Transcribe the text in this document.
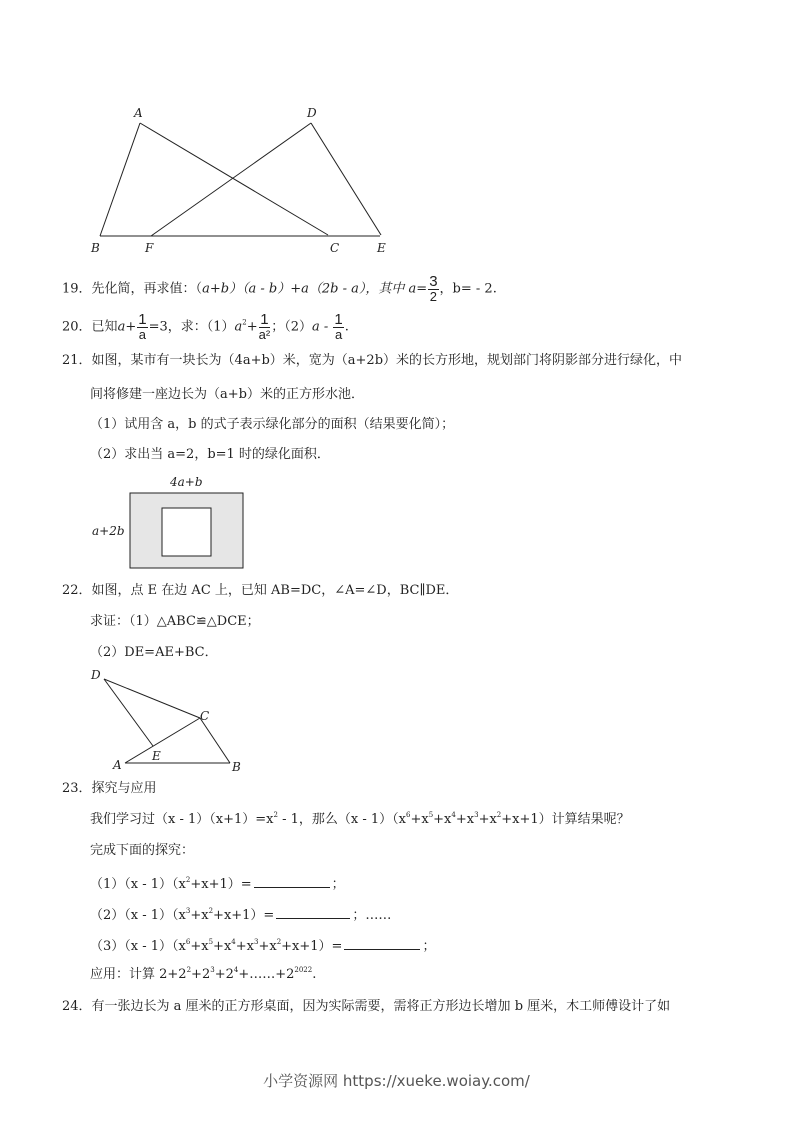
A	D
B	F	C	E
19．先化简，再求值：（a+b）（a - b）+a（2b - a），其中 $a= \frac{3}{2}$ ，b= - 2.
20．已知$a+ \frac{1}{a} =3$，求：$(1)a^2+ \frac{1}{\text{a²}}$ ；$(2)a - \frac{1}{a}$ .
21．如图，某市有一块长为（4a+b）米，宽为（a+2b）米的长方形地，规划部门将阴影部分进行绿化，中
间将修建一座边长为（a+b）米的正方形水池．
（1）试用含 a，b 的式子表示绿化部分的面积（结果要化简）；
（2）求出当 a=2，b=1 时的绿化面积．
4a+b
a+2b
22．如图，点 E 在边 AC 上，已知 AB=DC，∠A=∠D，BC∥DE．
求证：（1）△ABC≌△DCE；
（2）DE=AE+BC．
D
C
E
A	B
23．探究与应用
我们学习过$(x - 1)(x+1)=x^2 - 1$，那么$(x - 1)(x^6+x^5+x^4+x^3+x^2+x+1)$计算结果呢？
完成下面的探究：
$(1)(x - 1)(x^2+x+1)=$	；
$(2)(x - 1)(x^3+x^2+x+1)=$	；……
$(3)(x - 1)(x^6+x^5+x^4+x^3+x^2+x+1)=$	；
应用：计算 $2+2^2+2^3+2^4+\dots\dots+2^{2022}$.
24．有一张边长为 a 厘米的正方形桌面，因为实际需要，需将正方形边长增加 b 厘米，木工师傅设计了如
小学资源网 https://xueke.woiay.com/
